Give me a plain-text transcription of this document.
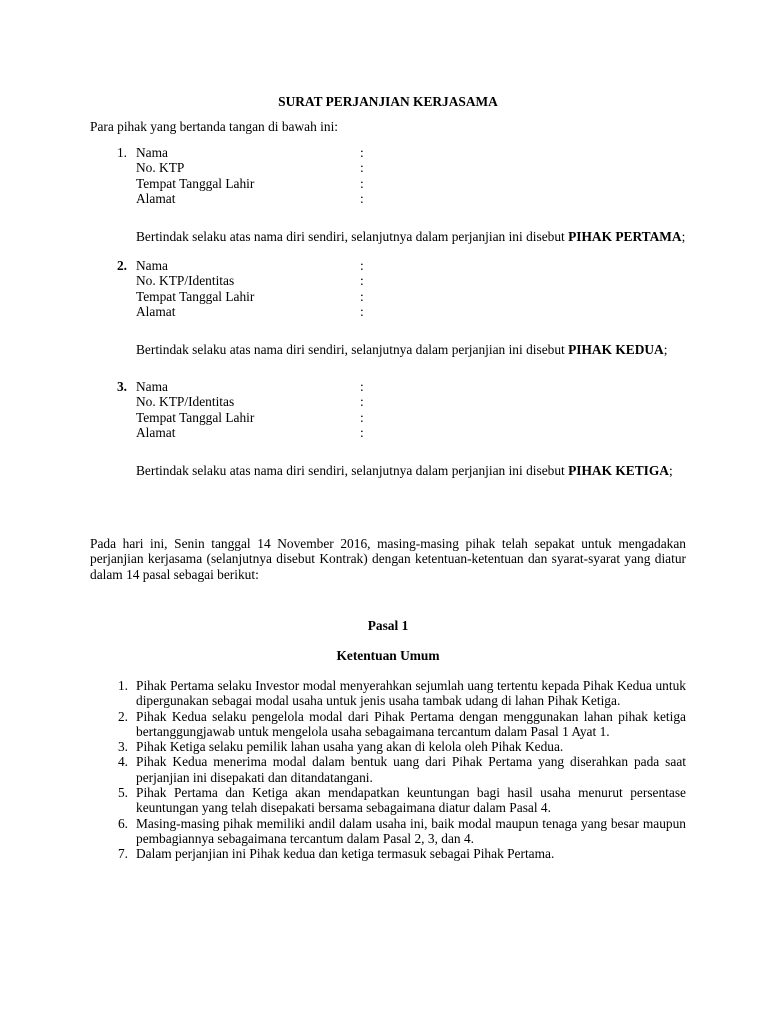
SURAT PERJANJIAN KERJASAMA

Para pihak yang bertanda tangan di bawah ini:

1. Nama	:
No. KTP	:
Tempat Tanggal Lahir	:
Alamat	:

Bertindak selaku atas nama diri sendiri, selanjutnya dalam perjanjian ini disebut PIHAK PERTAMA;

2. Nama	:
No. KTP/Identitas	:
Tempat Tanggal Lahir	:
Alamat	:

Bertindak selaku atas nama diri sendiri, selanjutnya dalam perjanjian ini disebut PIHAK KEDUA;

3. Nama	:
No. KTP/Identitas	:
Tempat Tanggal Lahir	:
Alamat	:

Bertindak selaku atas nama diri sendiri, selanjutnya dalam perjanjian ini disebut PIHAK KETIGA;

Pada hari ini, Senin tanggal 14 November 2016, masing-masing pihak telah sepakat untuk mengadakan perjanjian kerjasama (selanjutnya disebut Kontrak) dengan ketentuan-ketentuan dan syarat-syarat yang diatur dalam 14 pasal sebagai berikut:

Pasal 1

Ketentuan Umum

1. Pihak Pertama selaku Investor modal menyerahkan sejumlah uang tertentu kepada Pihak Kedua untuk dipergunakan sebagai modal usaha untuk jenis usaha tambak udang di lahan Pihak Ketiga.
2. Pihak Kedua selaku pengelola modal dari Pihak Pertama dengan menggunakan lahan pihak ketiga bertanggungjawab untuk mengelola usaha sebagaimana tercantum dalam Pasal 1 Ayat 1.
3. Pihak Ketiga selaku pemilik lahan usaha yang akan di kelola oleh Pihak Kedua.
4. Pihak Kedua menerima modal dalam bentuk uang dari Pihak Pertama yang diserahkan pada saat perjanjian ini disepakati dan ditandatangani.
5. Pihak Pertama dan Ketiga akan mendapatkan keuntungan bagi hasil usaha menurut persentase keuntungan yang telah disepakati bersama sebagaimana diatur dalam Pasal 4.
6. Masing-masing pihak memiliki andil dalam usaha ini, baik modal maupun tenaga yang besar maupun pembagiannya sebagaimana tercantum dalam Pasal 2, 3, dan 4.
7. Dalam perjanjian ini Pihak kedua dan ketiga termasuk sebagai Pihak Pertama.
